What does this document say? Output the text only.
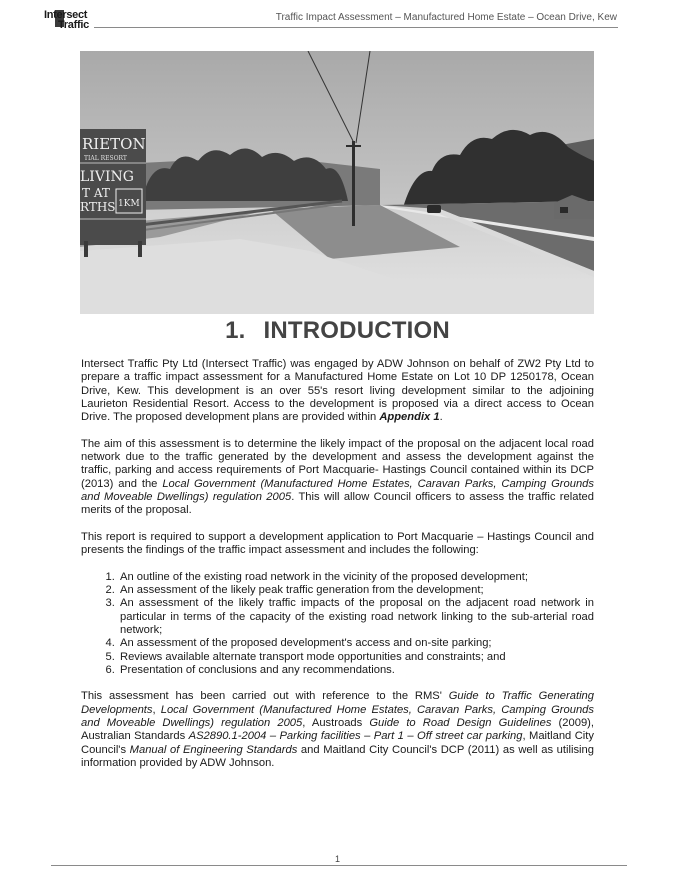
Intersect
Traffic
Traffic Impact Assessment – Manufactured Home Estate – Ocean Drive, Kew
RIETON
TIAL RESORT
LIVING
T AT
RTHS 1KM
1. INTRODUCTION

Intersect Traffic Pty Ltd (Intersect Traffic) was engaged by ADW Johnson on behalf of ZW2 Pty Ltd to prepare a traffic impact assessment for a Manufactured Home Estate on Lot 10 DP 1250178, Ocean Drive, Kew. This development is an over 55's resort living development similar to the adjoining Laurieton Residential Resort. Access to the development is proposed via a direct access to Ocean Drive. The proposed development plans are provided within Appendix 1.

The aim of this assessment is to determine the likely impact of the proposal on the adjacent local road network due to the traffic generated by the development and assess the development against the traffic, parking and access requirements of Port Macquarie- Hastings Council contained within its DCP (2013) and the Local Government (Manufactured Home Estates, Caravan Parks, Camping Grounds and Moveable Dwellings) regulation 2005. This will allow Council officers to assess the traffic related merits of the proposal.

This report is required to support a development application to Port Macquarie – Hastings Council and presents the findings of the traffic impact assessment and includes the following:

1. An outline of the existing road network in the vicinity of the proposed development;
2. An assessment of the likely peak traffic generation from the development;
3. An assessment of the likely traffic impacts of the proposal on the adjacent road network in particular in terms of the capacity of the existing road network linking to the sub-arterial road network;
4. An assessment of the proposed development's access and on-site parking;
5. Reviews available alternate transport mode opportunities and constraints; and
6. Presentation of conclusions and any recommendations.

This assessment has been carried out with reference to the RMS' Guide to Traffic Generating Developments, Local Government (Manufactured Home Estates, Caravan Parks, Camping Grounds and Moveable Dwellings) regulation 2005, Austroads Guide to Road Design Guidelines (2009), Australian Standards AS2890.1-2004 – Parking facilities – Part 1 – Off street car parking, Maitland City Council's Manual of Engineering Standards and Maitland City Council's DCP (2011) as well as utilising information provided by ADW Johnson.

1
